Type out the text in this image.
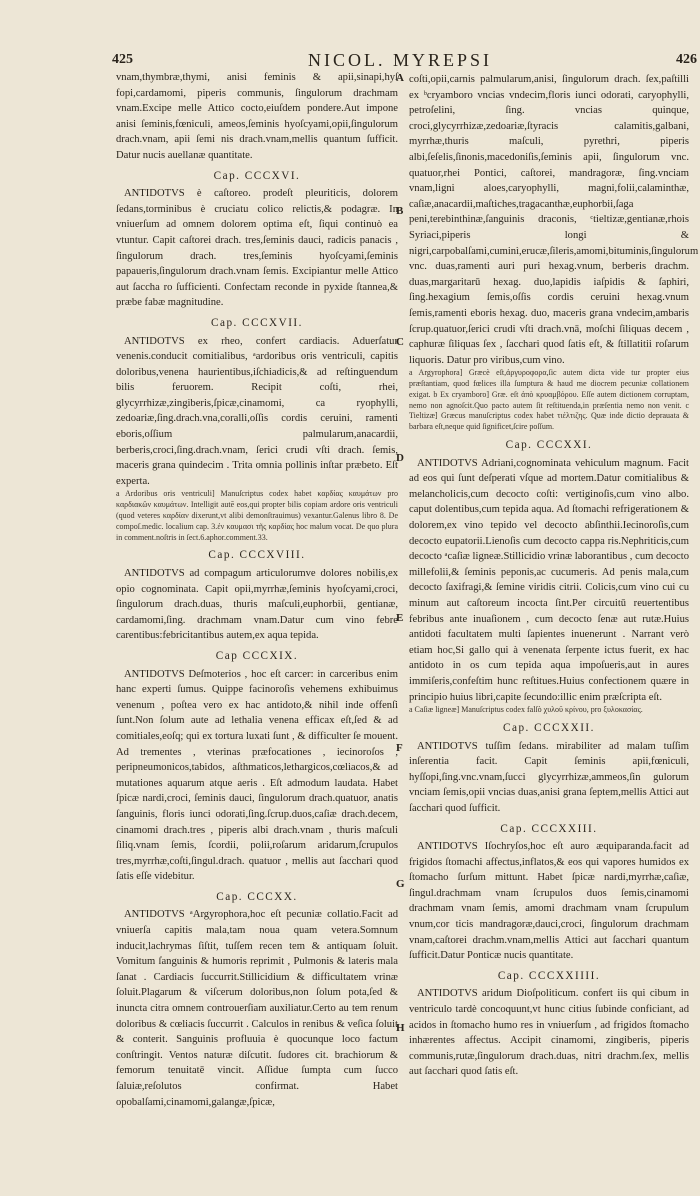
425	NICOL. MYREPSI	426

vnam,thymbræ,thymi, anisi feminis & apii,sinapi,hyſ fopi,cardamomi, piperis communis, ſingulorum drachmam vnam.Excipe melle Attico cocto,eiuſdem pondere.Aut impone anisi ſeminis,fœniculi, ameos,ſeminis hyoſcyami,opii,ſingulorum drach.vnam, apii ſemi nis drach.vnam,mellis quantum ſufficit. Datur nucis auellanæ quantitate.

Cap. CCCXVI.

ANTIDOTVS è caſtoreo. prodeſt pleuriticis, dolorem ſedans,torminibus è cruciatu colico relictis,& podagræ. In vniuerſum ad omnem dolorem optima eſt, ſiqui continuò ea vtuntur. Capit caſtorei drach. tres,ſeminis dauci, radicis panacis , ſingulorum drach. tres,ſeminis hyoſcyami,ſeminis papaueris,ſingulorum drach.vnam ſemis. Excipiantur melle Attico aut ſaccha ro ſufficienti. Confectam reconde in pyxide ſtannea,& præbe fabæ magnitudine.

Cap. CCCXVII.

ANTIDOTVS ex rheo, confert cardiacis. Aduerſatur venenis.conducit comitialibus, ᵃardoribus oris ventriculi, capitis doloribus,venena haurientibus,iſchiadicis,& ad reſtinguendum bilis feruorem. Recipit coſti, rhei, glycyrrhizæ,zingiberis,ſpicæ,cinamomi, ca ryophylli, zedoariæ,ſing.drach.vna,coralli,oſſis cordis ceruini, ramenti eboris,oſſium palmularum,anacardii, berberis,croci,ſing.drach.vnam, ſerici crudi vſti drach. ſemis, maceris grana quindecim . Trita omnia pollinis inſtar præbeto. Eſt experta.

a Ardoribus oris ventriculi] Manuſcriptus codex habet καρδίας καυμάτων pro καρδιακῶν καυμάτων. Intelligit autē eos,qui propter bilis copiam ardore oris ventriculi (quod veteres καρδίαν dixerunt,vt alibi demonſtrauimus) vexantur.Galenus libro 8. De compoſ.medic. localium cap. 3.ἐν καυμασι τῆς καρδίας hoc malum vocat. De quo plura in comment.noſtris in ſect.6.aphor.comment.33.

Cap. CCCXVIII.

ANTIDOTVS ad compagum articulorumve dolores nobilis,ex opio cognominata. Capit opii,myrrhæ,ſeminis hyoſcyami,croci, ſingulorum drach.duas, thuris maſculi,euphorbii, gentianæ, cardamomi,ſing. drachmam vnam.Datur cum vino febre carentibus:febricitantibus autem,ex aqua tepida.

Cap CCCXIX.

ANTIDOTVS Deſmoterios , hoc eſt carcer: in carceribus enim hanc experti ſumus. Quippe facinoroſis vehemens exhibuimus venenum , poſtea vero ex hac antidoto,& nihil inde offenſi ſunt.Non ſolum aute ad lethalia venena efficax eſt,ſed & ad comitiales,eoſq; qui ex tortura luxati ſunt , & difficulter ſe mouent. Ad trementes , vterinas præfocationes , iecinoroſos , peripneumonicos,tabidos, aſthmaticos,lethargicos,cœliacos,& ad mutationes aquarum atque aeris . Eſt admodum laudata. Habet ſpicæ nardi,croci, ſeminis dauci, ſingulorum drach.quatuor, anatis ſanguinis, floris iunci odorati,ſing.ſcrup.duos,caſiæ drach.decem, cinamomi drach.tres , piperis albi drach.vnam , thuris maſculi ſiliq.vnam ſemis, ſcordii, polii,roſarum aridarum,ſcrupulos tres,myrrhæ,coſti,ſingul.drach. quatuor , mellis aut ſacchari quod ſatis eſſe videbitur.

Cap. CCCXX.

ANTIDOTVS ᵃArgyrophora,hoc eſt pecuniæ collatio.Facit ad vniuerſa capitis mala,tam noua quam vetera.Somnum inducit,lachrymas ſiſtit, tuſſem recen tem & antiquam ſoluit. Vomitum ſanguinis & humoris reprimit , Pulmonis & lateris mala ſanat . Cardiacis ſuccurrit.Stillicidium & difficultatem vrinæ ſoluit.Plagarum & viſcerum doloribus,non ſolum pota,ſed & inuncta citra omnem controuerſiam auxiliatur.Certo au tem renum doloribus & cœliacis ſuccurrit . Calculos in renibus & veſica ſoluit & conterit. Sanguinis profluuia è quocunque loco factum conſtringit. Ventos naturæ diſcutit. ſudores cit. brachiorum & femorum tenuitatē vincit. Aſſidue ſumpta cum ſucco ſaluiæ,reſolutos confirmat. Habet opobalſami,cinamomi,galangæ,ſpicæ,

coſti,opii,carnis palmularum,anisi, ſingulorum drach. ſex,paſtilli ex ᵇcryamboro vncias vndecim,floris iunci odorati, caryophylli, petroſelini, ſing. vncias quinque, croci,glycyrrhizæ,zedoariæ,ſtyracis calamitis,galbani, myrrhæ,thuris maſculi, pyrethri, piperis albi,ſeſelis,ſinonis,macedoniſis,ſeminis apii, ſingulorum vnc. quatuor,rhei Pontici, caſtorei, mandragoræ, ſing.vnciam vnam,ligni aloes,caryophylli, magni,folii,calaminthæ, caſiæ,anacardii,maſtiches,tragacanthæ,euphorbii,ſaga peni,terebinthinæ,ſanguinis draconis, ᶜtieltizæ,gentianæ,rhois Syriaci,piperis longi & nigri,carpobalſami,cuminì,erucæ,ſileris,amomi,bituminis,ſingulorum vnc. duas,ramenti auri puri hexag.vnum, berberis drachm. duas,margaritarū hexag. duo,lapidis iaſpidis & ſaphiri, ſing.hexagium ſemis,oſſis cordis ceruini hexag.vnum ſemis,ramenti eboris hexag. duo, maceris grana vndecim,ambaris ſcrup.quatuor,ſerici crudi vſti drach.vnā, moſchi ſiliquas decem , caphuræ ſiliquas ſex , ſacchari quod ſatis eſt, & ſtillatitii roſarum liquoris. Datur pro viribus,cum vino.

a Argyrophora] Græcè eſt,ἀργυροφορα,ſic autem dicta vide tur propter eius præſtantiam, quod fœlices illa ſumptura & haud me diocrem pecuniæ collationem exigat. b Ex cryamboro] Græ. eſt ἀπὸ κρυαμβόρου. Eſſe autem dictionem corruptam, nemo non agnoſcit.Quo pacto autem ſit reſtituenda,in præſentia nemo non venit. c Tieltizæ] Græcus manuſcriptus codex habet τιέλτιζης. Quæ inde dictio deprauata & barbara eſt,neque quid ſignificet,ſcire poſſum.

Cap. CCCXXI.

ANTIDOTVS Adriani,cognominata vehiculum magnum. Facit ad eos qui ſunt deſperati vſque ad mortem.Datur comitialibus & melancholicis,cum decocto coſti: vertiginoſis,cum vino albo. caput dolentibus,cum tepida aqua. Ad ſtomachi refrigerationem & dolorem,ex vino tepido vel decocto abſinthii.Iecinoroſis,cum decocto eupatorii.Lienoſis cum decocto cappa ris.Nephriticis,cum decocto ᵃcaſiæ ligneæ.Stillicidio vrinæ laborantibus , cum decocto millefolii,& ſeminis peponis,ac cucumeris. Ad penis mala,cum decocto ſaxifragi,& ſemine viridis citrii. Colicis,cum vino cui cu minum aut caſtoreum incocta ſint.Per circuitū reuertentibus febribus ante inuaſionem , cum decocto ſenæ aut rutæ.Huius antidoti facultatem multi ſapientes inuenerunt . Narrant verò etiam hoc,Si gallo qui à venenata ſerpente ictus fuerit, ex hac antidoto in os cum tepida aqua impoſueris,aut in aures immiſeris,confeſtim hunc reſtitues.Huius confectionem quære in principio huius libri,capite ſecundo:illic enim præſcripta eſt.

a Caſiæ ligneæ] Manuſcriptus codex falſò χυλοῦ κρίνου, pro ξυλοκασίας.

Cap. CCCXXII.

ANTIDOTVS tuſſim ſedans. mirabiliter ad malam tuſſim inſerentia facit. Capit ſeminis apii,fœniculi, hyſſopi,ſing.vnc.vnam,ſucci glycyrrhizæ,ammeos,ſin gulorum vnciam ſemis,opii vncias duas,anisi grana ſeptem,mellis Attici aut ſacchari quod ſufficit.

Cap. CCCXXIII.

ANTIDOTVS Iſochryſos,hoc eſt auro æquiparanda.facit ad frigidos ſtomachi affectus,inflatos,& eos qui vapores humidos ex ſtomacho ſurſum mittunt. Habet ſpicæ nardi,myrrhæ,caſiæ, ſingul.drachmam vnam ſcrupulos duos ſemis,cinamomi drachmam vnam ſemis, amomi drachmam vnam ſcrupulum vnum,cor ticis mandragoræ,dauci,croci, ſingulorum drachmam vnam,caſtorei drachm.vnam,mellis Attici aut ſacchari quantum ſufficit.Datur Ponticæ nucis quantitate.

Cap. CCCXXIIII.

ANTIDOTVS aridum Dioſpoliticum. confert iis qui cibum in ventriculo tardè concoquunt,vt hunc citius ſubinde conficiant, ad acidos in ſtomacho humo res in vniuerſum , ad frigidos ſtomacho inhærentes affectus. Accipit cinamomi, zingiberis, piperis communis,rutæ,ſingulorum drach.duas, nitri drachm.ſex, mellis aut ſacchari quod ſatis eſt.

A
B
C
D
E
F
G
H
